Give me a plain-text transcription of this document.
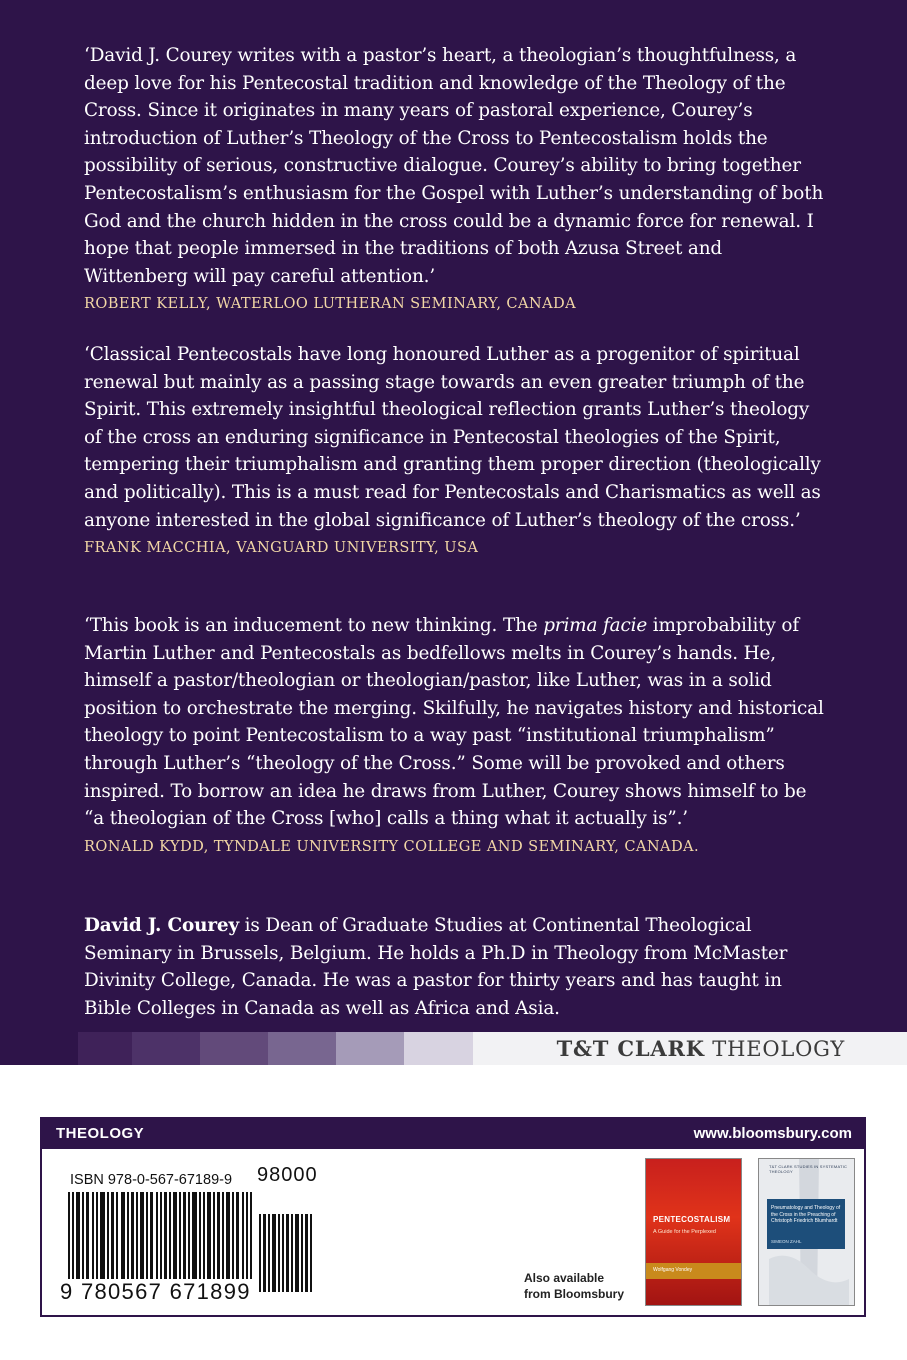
‘David J. Courey writes with a pastor’s heart, a theologian’s thoughtfulness, a deep love for his Pentecostal tradition and knowledge of the Theology of the Cross. Since it originates in many years of pastoral experience, Courey’s introduction of Luther’s Theology of the Cross to Pentecostalism holds the possibility of serious, constructive dialogue. Courey’s ability to bring together Pentecostalism’s enthusiasm for the Gospel with Luther’s understanding of both God and the church hidden in the cross could be a dynamic force for renewal. I hope that people immersed in the traditions of both Azusa Street and Wittenberg will pay careful attention.’
ROBERT KELLY, WATERLOO LUTHERAN SEMINARY, CANADA
‘Classical Pentecostals have long honoured Luther as a progenitor of spiritual renewal but mainly as a passing stage towards an even greater triumph of the Spirit. This extremely insightful theological reflection grants Luther’s theology of the cross an enduring significance in Pentecostal theologies of the Spirit, tempering their triumphalism and granting them proper direction (theologically and politically). This is a must read for Pentecostals and Charismatics as well as anyone interested in the global significance of Luther’s theology of the cross.’
FRANK MACCHIA, VANGUARD UNIVERSITY, USA
‘This book is an inducement to new thinking. The prima facie improbability of Martin Luther and Pentecostals as bedfellows melts in Courey’s hands. He, himself a pastor/theologian or theologian/pastor, like Luther, was in a solid position to orchestrate the merging. Skilfully, he navigates history and historical theology to point Pentecostalism to a way past “institutional triumphalism” through Luther’s “theology of the Cross.” Some will be provoked and others inspired. To borrow an idea he draws from Luther, Courey shows himself to be “a theologian of the Cross [who] calls a thing what it actually is”.’
RONALD KYDD, TYNDALE UNIVERSITY COLLEGE AND SEMINARY, CANADA.
David J. Courey is Dean of Graduate Studies at Continental Theological Seminary in Brussels, Belgium. He holds a Ph.D in Theology from McMaster Divinity College, Canada. He was a pastor for thirty years and has taught in Bible Colleges in Canada as well as Africa and Asia.
T&T CLARK THEOLOGY
THEOLOGY	www.bloomsbury.com
ISBN 978-0-567-67189-9 98000
9 780567 671899
Also available from Bloomsbury
PENTECOSTALISM
A Guide for the Perplexed
Wolfgang Vondey
T&T CLARK STUDIES IN SYSTEMATIC THEOLOGY
Pneumatology and Theology of the Cross in the Preaching of Christoph Friedrich Blumhardt
SIMEON ZAHL
